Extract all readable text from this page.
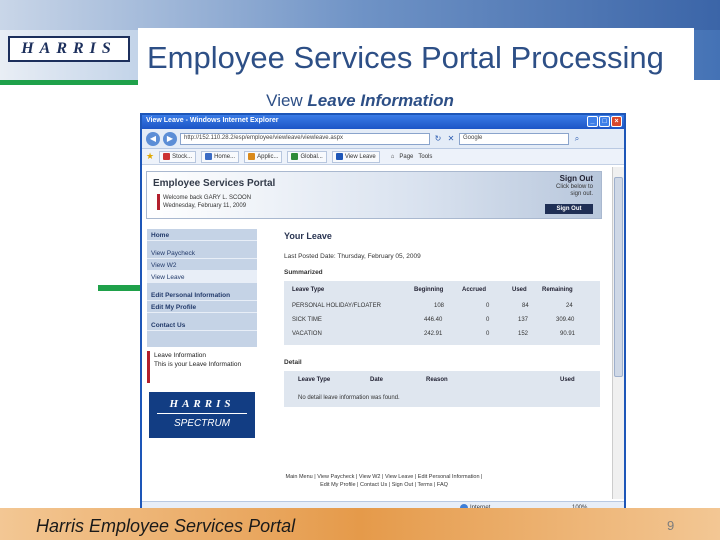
HARRIS Employee Services Portal Processing
View Leave Information
View Leave - Windows Internet Explorer	_	□	×
◀	▶	http://152.110.28.2/esp/employee/viewleave/viewleave.aspx	↻ ✕	Google	⌕
★	Stock...	Home...	Applic...	Global...	View Leave	⌂ Page Tools
Employee Services Portal
Welcome back GARY L. SCOON
Wednesday, February 11, 2009
Sign Out
Click below to
sign out.
Sign Out
Home
View Paycheck
View W2
View Leave
Edit Personal Information
Edit My Profile
Contact Us
Leave Information
This is your Leave Information
HARRIS
SPECTRUM
Your Leave
Last Posted Date: Thursday, February 05, 2009
Summarized
Leave Type	Beginning	Accrued	Used	Remaining
PERSONAL HOLIDAY/FLOATER	108	0	84	24
SICK TIME	446.40	0	137	309.40
VACATION	242.91	0	152	90.91
Detail
Leave Type	Date	Reason	Used
No detail leave information was found.
Main Menu | View Paycheck | View W2 | View Leave | Edit Personal Information |
Edit My Profile | Contact Us | Sign Out | Terms | FAQ
Harris Employee Services Portal	9
